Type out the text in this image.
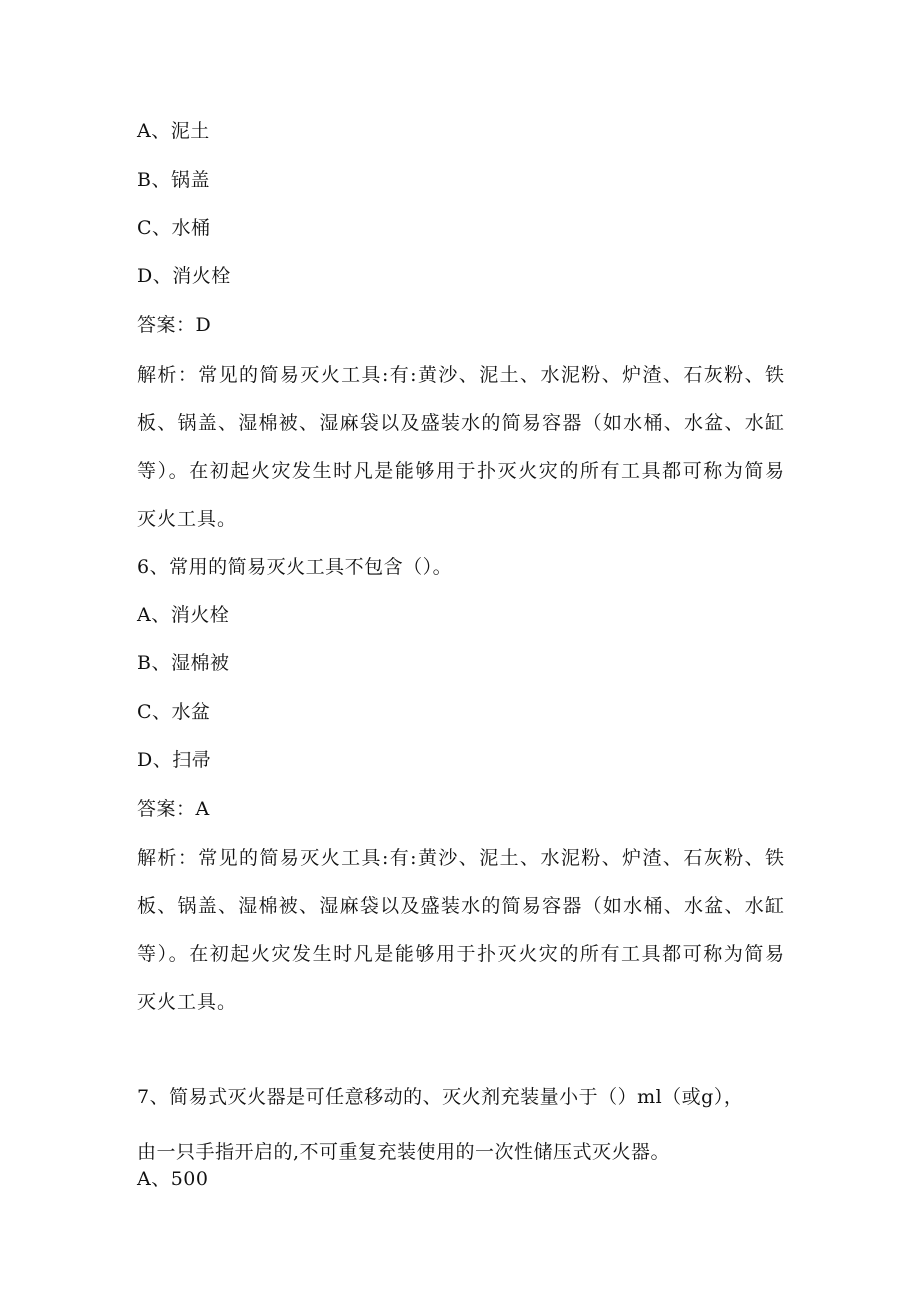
A、泥土
B、锅盖
C、水桶
D、消火栓
答案：D
解析：常见的简易灭火工具:有:黄沙、泥土、水泥粉、炉渣、石灰粉、铁板、锅盖、湿棉被、湿麻袋以及盛装水的简易容器（如水桶、水盆、水缸等）。在初起火灾发生时凡是能够用于扑灭火灾的所有工具都可称为简易灭火工具。
6、常用的简易灭火工具不包含（）。
A、消火栓
B、湿棉被
C、水盆
D、扫帚
答案：A
解析：常见的简易灭火工具:有:黄沙、泥土、水泥粉、炉渣、石灰粉、铁板、锅盖、湿棉被、湿麻袋以及盛装水的简易容器（如水桶、水盆、水缸等）。在初起火灾发生时凡是能够用于扑灭火灾的所有工具都可称为简易灭火工具。
7、简易式灭火器是可任意移动的、灭火剂充装量小于（）ml（或g），
由一只手指开启的,不可重复充装使用的一次性储压式灭火器。
A、500
